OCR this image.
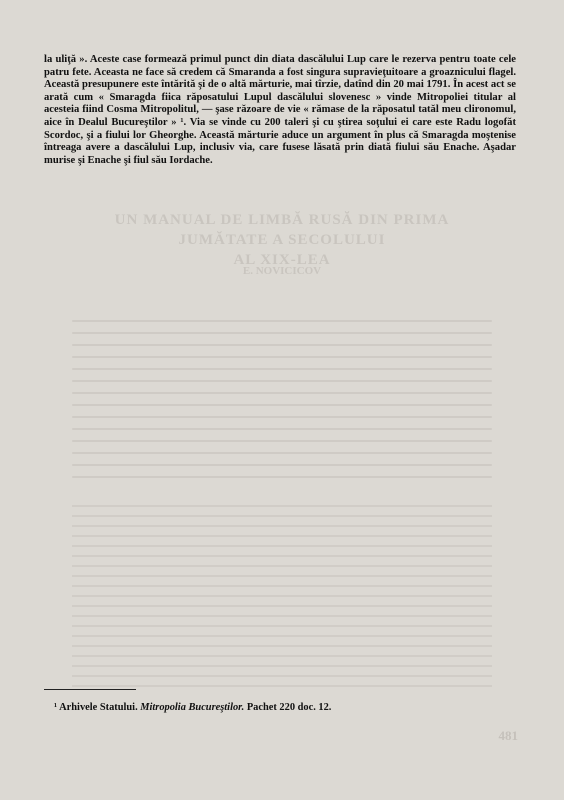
la uliţă ». Aceste case formează primul punct din diata dascălului Lup care le rezerva pentru toate cele patru fete. Aceasta ne face să credem că Smaranda a fost singura supravieţuitoare a groaznicului flagel. Această presupunere este întărită şi de o altă mărturie, mai tîrzie, datînd din 20 mai 1791. În acest act se arată cum « Smaragda fiica răposatului Lupul dascălului slovenesc » vinde Mitropoliei titular al acesteia fiind Cosma Mitropolitul, — şase răzoare de vie « rămase de la răposatul tatăl meu clironomul, aice în Dealul Bucureştilor » ¹. Via se vinde cu 200 taleri şi cu ştirea soţului ei care este Radu logofăt Scordoc, şi a fiului lor Gheorghe. Această mărturie aduce un argument în plus că Smaragda moştenise întreaga avere a dascălului Lup, inclusiv via, care fusese lăsată prin diată fiului său Enache. Aşadar murise şi Enache şi fiul său Iordache.

UN MANUAL DE LIMBĂ RUSĂ DIN PRIMA JUMĂTATE A SECOLULUI
AL XIX-LEA
E. NOVICICOV
¹ Arhivele Statului. Mitropolia Bucureştilor. Pachet 220 doc. 12.
481
